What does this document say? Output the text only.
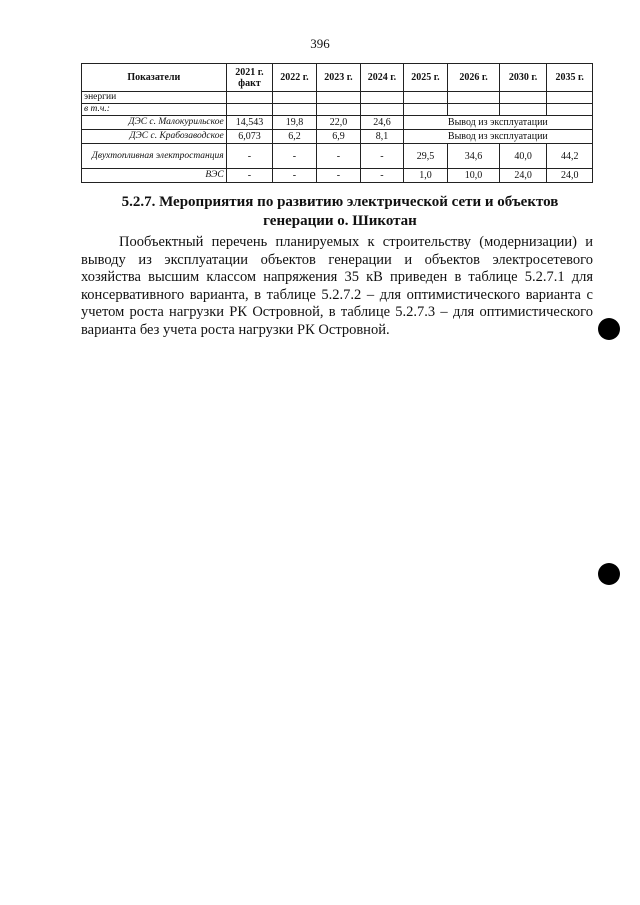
396
Показатели	2021 г. факт	2022 г.	2023 г.	2024 г.	2025 г.	2026 г.	2030 г.	2035 г.
энергии								
в т.ч.:								
ДЭС с. Малокурильское	14,543	19,8	22,0	24,6	Вывод из эксплуатации			
ДЭС с. Крабозаводское	6,073	6,2	6,9	8,1	Вывод из эксплуатации			
Двухтопливная электростанция	-	-	-	-	29,5	34,6	40,0	44,2
ВЭС	-	-	-	-	1,0	10,0	24,0	24,0
5.2.7. Мероприятия по развитию электрической сети и объектов генерации о. Шикотан

Пообъектный перечень планируемых к строительству (модернизации) и выводу из эксплуатации объектов генерации и объектов электросетевого хозяйства высшим классом напряжения 35 кВ приведен в таблице 5.2.7.1 для консервативного варианта, в таблице 5.2.7.2 – для оптимистического варианта с учетом роста нагрузки РК Островной, в таблице 5.2.7.3 – для оптимистического варианта без учета роста нагрузки РК Островной.
